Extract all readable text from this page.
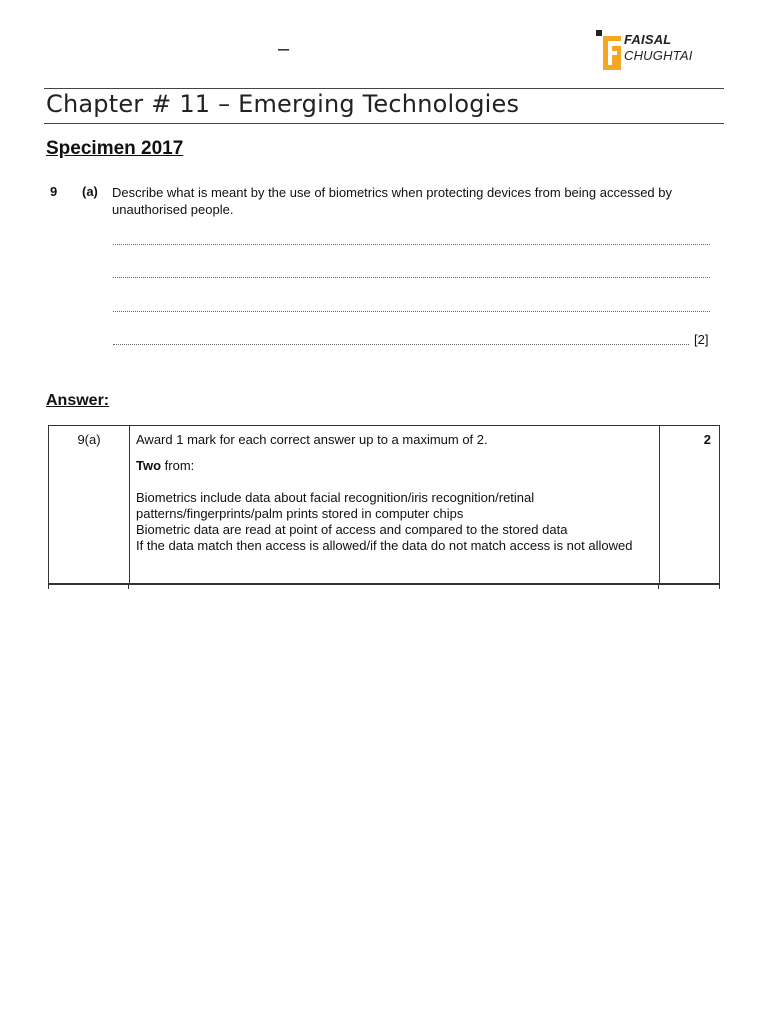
–	FAISAL
CHUGHTAI
Chapter # 11 – Emerging Technologies
Specimen 2017
9 (a) Describe what is meant by the use of biometrics when protecting devices from being accessed by unauthorised people.
[2]
Answer:
9(a)	Award 1 mark for each correct answer up to a maximum of 2.

Two from:

Biometrics include data about facial recognition/iris recognition/retinal patterns/fingerprints/palm prints stored in computer chips

Biometric data are read at point of access and compared to the stored data

If the data match then access is allowed/if the data do not match access is not allowed

2
